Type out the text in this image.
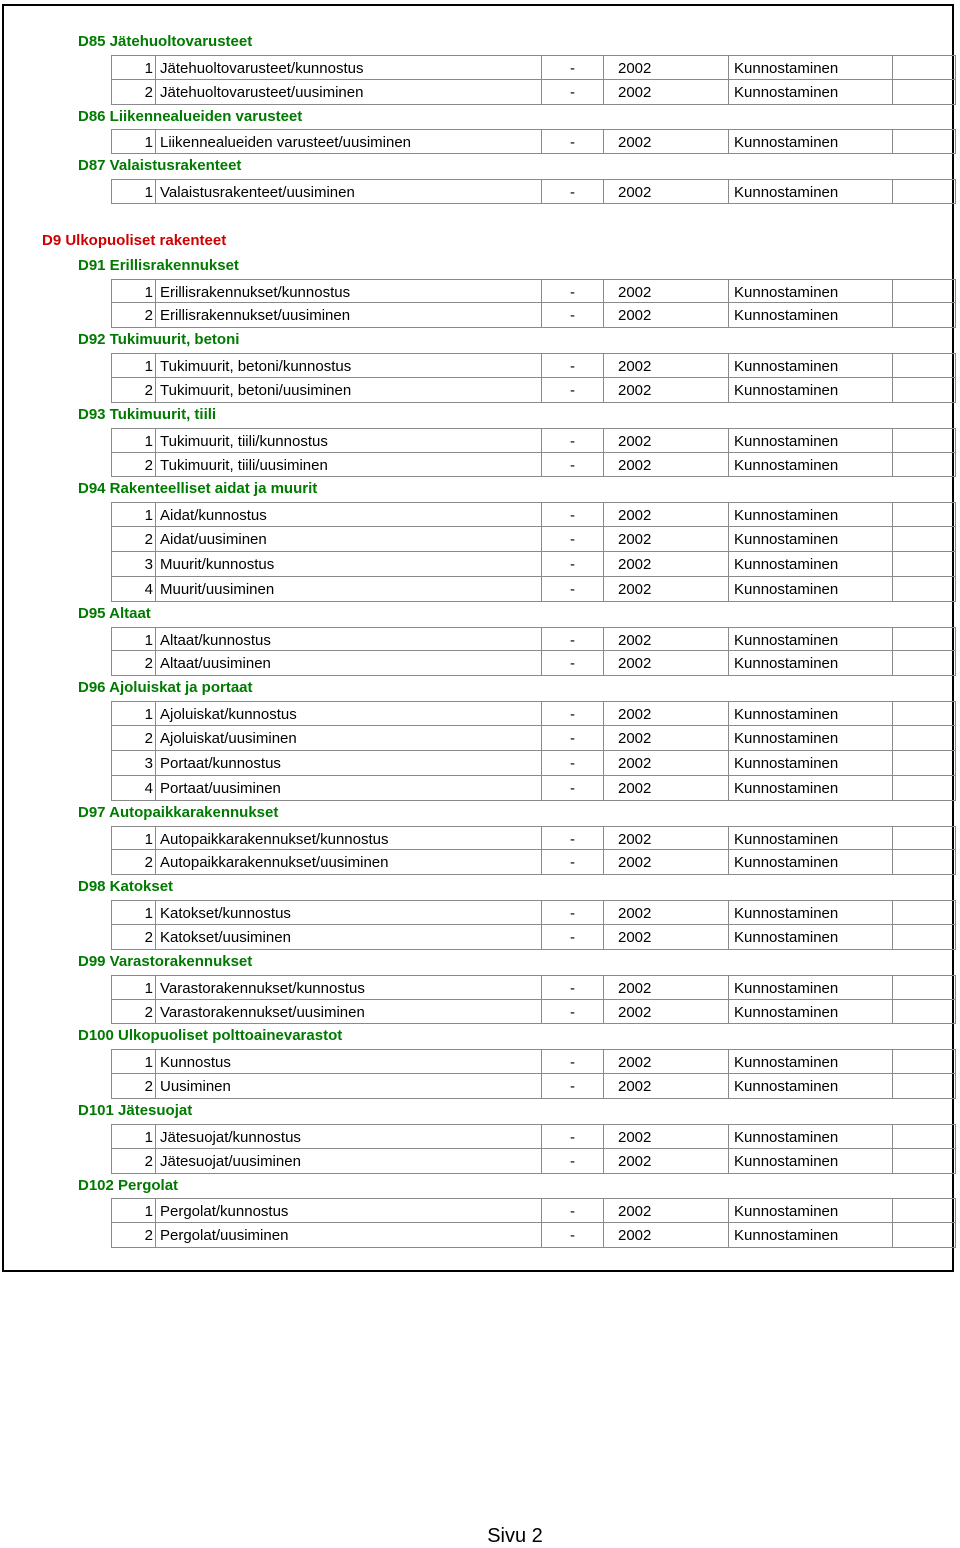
D85 Jätehuoltovarusteet
1 Jätehuoltovarusteet/kunnostus	-	2002	Kunnostaminen
2 Jätehuoltovarusteet/uusiminen	-	2002	Kunnostaminen
D86 Liikennealueiden varusteet
1 Liikennealueiden varusteet/uusiminen	-	2002	Kunnostaminen
D87 Valaistusrakenteet
1 Valaistusrakenteet/uusiminen	-	2002	Kunnostaminen
D9 Ulkopuoliset rakenteet
D91 Erillisrakennukset
1 Erillisrakennukset/kunnostus	-	2002	Kunnostaminen
2 Erillisrakennukset/uusiminen	-	2002	Kunnostaminen
D92 Tukimuurit, betoni
1 Tukimuurit, betoni/kunnostus	-	2002	Kunnostaminen
2 Tukimuurit, betoni/uusiminen	-	2002	Kunnostaminen
D93 Tukimuurit, tiili
1 Tukimuurit, tiili/kunnostus	-	2002	Kunnostaminen
2 Tukimuurit, tiili/uusiminen	-	2002	Kunnostaminen
D94 Rakenteelliset aidat ja muurit
1 Aidat/kunnostus	-	2002	Kunnostaminen
2 Aidat/uusiminen	-	2002	Kunnostaminen
3 Muurit/kunnostus	-	2002	Kunnostaminen
4 Muurit/uusiminen	-	2002	Kunnostaminen
D95 Altaat
1 Altaat/kunnostus	-	2002	Kunnostaminen
2 Altaat/uusiminen	-	2002	Kunnostaminen
D96 Ajoluiskat ja portaat
1 Ajoluiskat/kunnostus	-	2002	Kunnostaminen
2 Ajoluiskat/uusiminen	-	2002	Kunnostaminen
3 Portaat/kunnostus	-	2002	Kunnostaminen
4 Portaat/uusiminen	-	2002	Kunnostaminen
D97 Autopaikkarakennukset
1 Autopaikkarakennukset/kunnostus	-	2002	Kunnostaminen
2 Autopaikkarakennukset/uusiminen	-	2002	Kunnostaminen
D98 Katokset
1 Katokset/kunnostus	-	2002	Kunnostaminen
2 Katokset/uusiminen	-	2002	Kunnostaminen
D99 Varastorakennukset
1 Varastorakennukset/kunnostus	-	2002	Kunnostaminen
2 Varastorakennukset/uusiminen	-	2002	Kunnostaminen
D100 Ulkopuoliset polttoainevarastot
1 Kunnostus	-	2002	Kunnostaminen
2 Uusiminen	-	2002	Kunnostaminen
D101 Jätesuojat
1 Jätesuojat/kunnostus	-	2002	Kunnostaminen
2 Jätesuojat/uusiminen	-	2002	Kunnostaminen
D102 Pergolat
1 Pergolat/kunnostus	-	2002	Kunnostaminen
2 Pergolat/uusiminen	-	2002	Kunnostaminen
Sivu 2
